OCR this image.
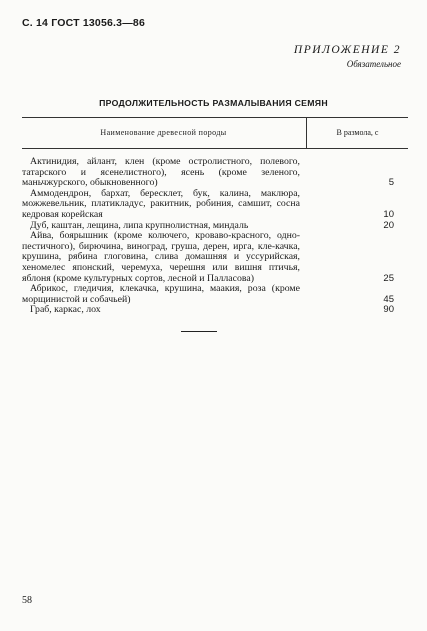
С. 14 ГОСТ 13056.3—86
ПРИЛОЖЕНИЕ 2
Обязательное
ПРОДОЛЖИТЕЛЬНОСТЬ РАЗМАЛЫВАНИЯ СЕМЯН
Наименование древесной породы	В размола, с
Актинидия, айлант, клен (кроме остролистного, полевого, татарского и ясенелистного), ясень (кроме зеленого, маньчжурского, обыкновенного)	5
Аммодендрон, бархат, бересклет, бук, калина, маклюра, можжевельник, платикладус, ракитник, робиния, самшит, сосна кедровая корейская	10
Дуб, каштан, лещина, липа крупнолистная, миндаль	20
Айва, боярышник (кроме колючего, кроваво-красного, одно-пестичного), бирючина, виноград, груша, дерен, ирга, кле-качка, крушина, рябина глоговина, слива домашняя и уссурийская, хеномелес японский, черемуха, черешня или вишня птичья, яблоня (кроме культурных сортов, лесной и Палласова)	25
Абрикос, гледичия, клекачка, крушина, маакия, роза (кроме морщинистой и собачьей)	45
Граб, каркас, лох	90
58
